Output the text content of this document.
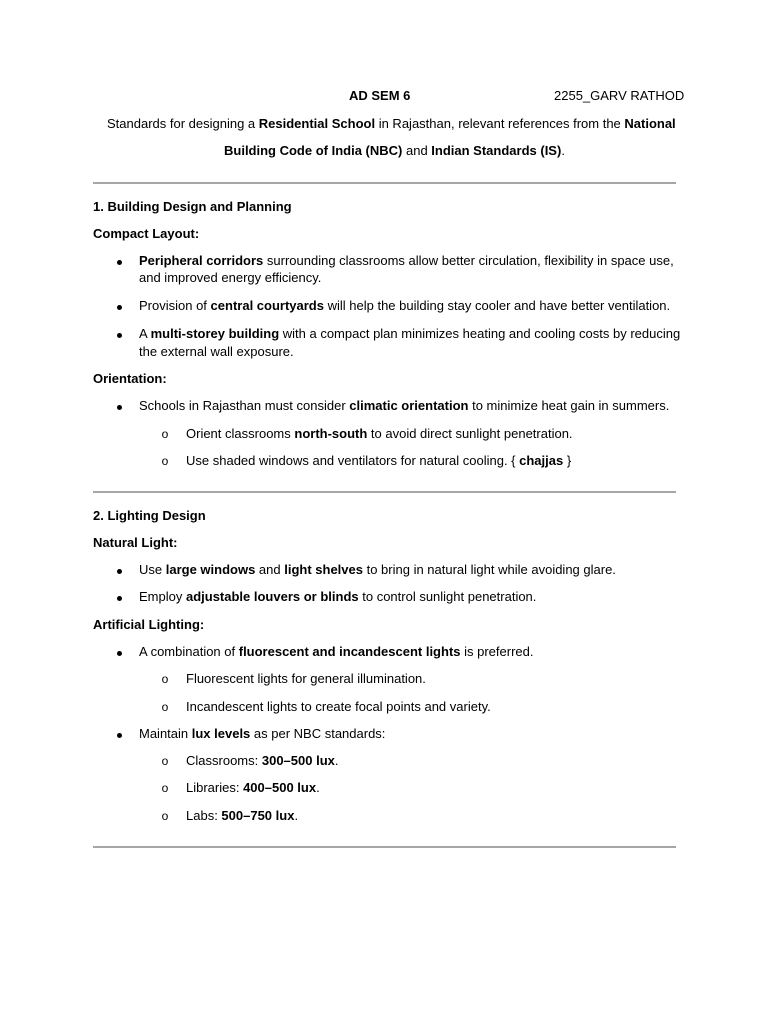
AD SEM 6	2255_GARV RATHOD
Standards for designing a Residential School in Rajasthan, relevant references from the National
Building Code of India (NBC) and Indian Standards (IS).
1. Building Design and Planning
Compact Layout:
Peripheral corridors surrounding classrooms allow better circulation, flexibility in space use,
and improved energy efficiency.
Provision of central courtyards will help the building stay cooler and have better ventilation.
A multi-storey building with a compact plan minimizes heating and cooling costs by reducing
the external wall exposure.
Orientation:
Schools in Rajasthan must consider climatic orientation to minimize heat gain in summers.
o Orient classrooms north-south to avoid direct sunlight penetration.
o Use shaded windows and ventilators for natural cooling. { chajjas }
2. Lighting Design
Natural Light:
Use large windows and light shelves to bring in natural light while avoiding glare.
Employ adjustable louvers or blinds to control sunlight penetration.
Artificial Lighting:
A combination of fluorescent and incandescent lights is preferred.
o Fluorescent lights for general illumination.
o Incandescent lights to create focal points and variety.
Maintain lux levels as per NBC standards:
o Classrooms: 300–500 lux.
o Libraries: 400–500 lux.
o Labs: 500–750 lux.
